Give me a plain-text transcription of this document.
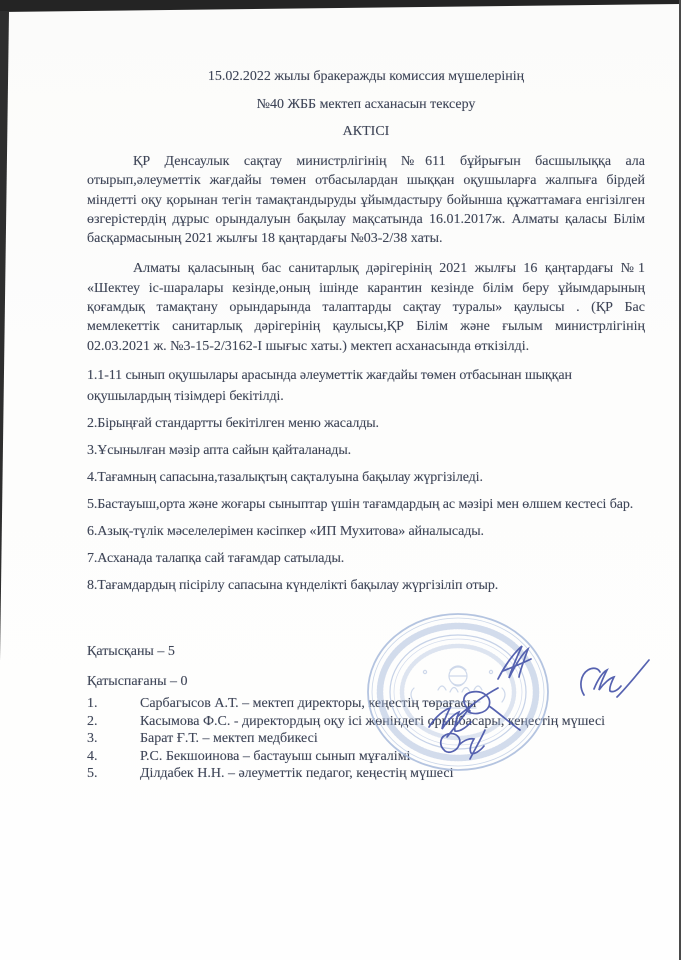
15.02.2022 жылы бракеражды комиссия мүшелерінің

№40 ЖББ мектеп асханасын тексеру

АКТІСІ

ҚР Денсаулык сақтау министрлігінің №611 бұйрығын басшылыққа ала отырып,әлеуметтік жағдайы төмен отбасылардан шыққан оқушыларға жалпыға бірдей міндетті оқу қорынан тегін тамақтандыруды ұйымдастыру бойынша құжаттамаға енгізілген өзгерістердің дұрыс орындалуын бақылау мақсатында 16.01.2017ж. Алматы қаласы Білім басқармасының 2021 жылғы 18 қаңтардағы №03-2/38 хаты.

Алматы қаласының бас санитарлық дәрігерінің 2021 жылғы 16 қаңтардағы №1 «Шектеу іс-шаралары кезінде,оның ішінде карантин кезінде білім беру ұйымдарының қоғамдық тамақтану орындарында талаптарды сақтау туралы» қаулысы . (ҚР Бас мемлекеттік санитарлық дәрігерінің қаулысы,ҚР Білім және ғылым министрлігінің 02.03.2021 ж. №3-15-2/3162-І шығыс хаты.) мектеп асханасында өткізілді.

1.1-11 сынып оқушылары арасында әлеуметтік жағдайы төмен отбасынан шыққан оқушылардың тізімдері бекітілді.

2.Бірыңғай стандартты бекітілген меню жасалды.

3.Ұсынылған мәзір апта сайын қайталанады.

4.Тағамның сапасына,тазалықтың сақталуына бақылау жүргізіледі.

5.Бастауыш,орта және жоғары сыныптар үшін тағамдардың ас мәзірі мен өлшем кестесі бар.

6.Азық-түлік мәселелерімен кәсіпкер «ИП Мухитова» айналысады.

7.Асханада талапқа сай тағамдар сатылады.

8.Тағамдардың пісірілу сапасына күнделікті бақылау жүргізіліп отыр.

Қатысқаны – 5

Қатыспағаны – 0

1.	Сарбагысов А.Т. – мектеп директоры, кеңестің төрағасы
2.	Касымова Ф.С. - директордың оқу ісі жөніндегі орынбасары, кеңестің мүшесі
3.	Барат Ғ.Т. – мектеп медбикесі
4.	Р.С. Бекшоинова – бастауыш сынып мұғалімі
5.	Ділдабек Н.Н. – әлеуметтік педагог, кеңестің мүшесі
